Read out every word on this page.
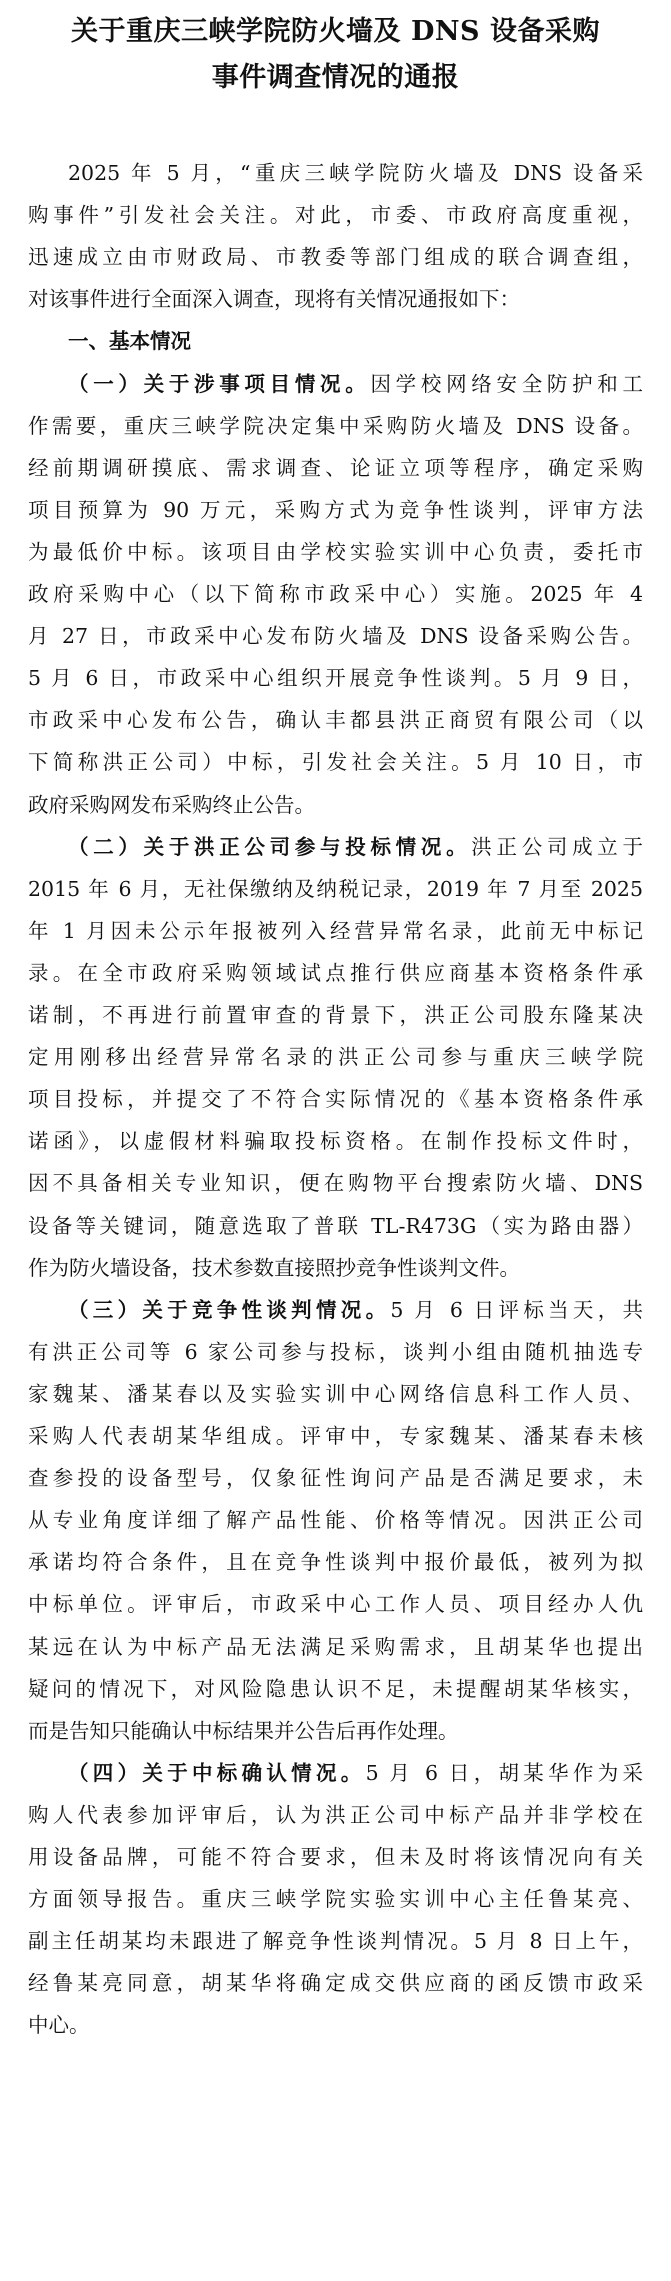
关于重庆三峡学院防火墙及 DNS 设备采购
事件调查情况的通报
2025 年 5 月，“重庆三峡学院防火墙及 DNS 设备采
购事件”引发社会关注。对此，市委、市政府高度重视，
迅速成立由市财政局、市教委等部门组成的联合调查组，
对该事件进行全面深入调查，现将有关情况通报如下：
一、基本情况
（一）关于涉事项目情况。因学校网络安全防护和工
作需要，重庆三峡学院决定集中采购防火墙及 DNS 设备。
经前期调研摸底、需求调查、论证立项等程序，确定采购
项目预算为 90 万元，采购方式为竞争性谈判，评审方法
为最低价中标。该项目由学校实验实训中心负责，委托市
政府采购中心（以下简称市政采中心）实施。2025 年 4
月 27 日，市政采中心发布防火墙及 DNS 设备采购公告。
5 月 6 日，市政采中心组织开展竞争性谈判。5 月 9 日，
市政采中心发布公告，确认丰都县洪正商贸有限公司（以
下简称洪正公司）中标，引发社会关注。5 月 10 日，市
政府采购网发布采购终止公告。
（二）关于洪正公司参与投标情况。洪正公司成立于
2015 年 6 月，无社保缴纳及纳税记录，2019 年 7 月至 2025
年 1 月因未公示年报被列入经营异常名录，此前无中标记
录。在全市政府采购领域试点推行供应商基本资格条件承
诺制，不再进行前置审查的背景下，洪正公司股东隆某决
定用刚移出经营异常名录的洪正公司参与重庆三峡学院
项目投标，并提交了不符合实际情况的《基本资格条件承
诺函》，以虚假材料骗取投标资格。在制作投标文件时，
因不具备相关专业知识，便在购物平台搜索防火墙、DNS
设备等关键词，随意选取了普联 TL-R473G（实为路由器）
作为防火墙设备，技术参数直接照抄竞争性谈判文件。
（三）关于竞争性谈判情况。5 月 6 日评标当天，共
有洪正公司等 6 家公司参与投标，谈判小组由随机抽选专
家魏某、潘某春以及实验实训中心网络信息科工作人员、
采购人代表胡某华组成。评审中，专家魏某、潘某春未核
查参投的设备型号，仅象征性询问产品是否满足要求，未
从专业角度详细了解产品性能、价格等情况。因洪正公司
承诺均符合条件，且在竞争性谈判中报价最低，被列为拟
中标单位。评审后，市政采中心工作人员、项目经办人仇
某远在认为中标产品无法满足采购需求，且胡某华也提出
疑问的情况下，对风险隐患认识不足，未提醒胡某华核实，
而是告知只能确认中标结果并公告后再作处理。
（四）关于中标确认情况。5 月 6 日，胡某华作为采
购人代表参加评审后，认为洪正公司中标产品并非学校在
用设备品牌，可能不符合要求，但未及时将该情况向有关
方面领导报告。重庆三峡学院实验实训中心主任鲁某亮、
副主任胡某均未跟进了解竞争性谈判情况。5 月 8 日上午，
经鲁某亮同意，胡某华将确定成交供应商的函反馈市政采
中心。
